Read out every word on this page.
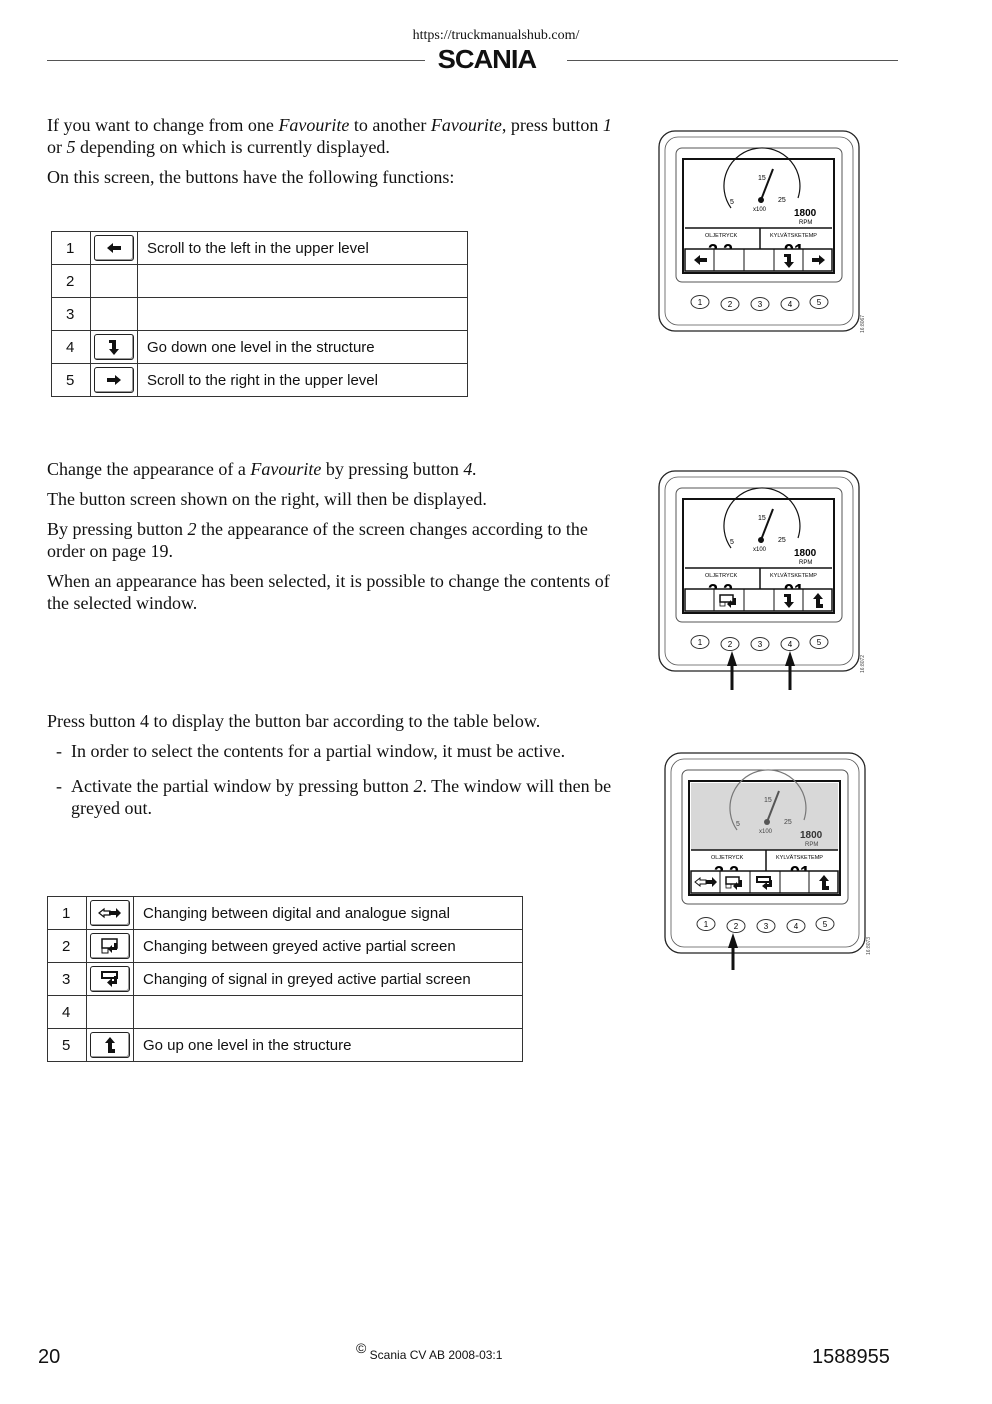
https://truckmanualshub.com/
SCANIA

If you want to change from one Favourite to another Favourite, press button 1 or 5 depending on which is currently displayed.

On this screen, the buttons have the following functions:

1		Scroll to the left in the upper level
2		
3		
4		Go down one level in the structure
5		Scroll to the right in the upper level

Change the appearance of a Favourite by pressing button 4.

The button screen shown on the right, will then be displayed.

By pressing button 2 the appearance of the screen changes according to the order on page 19.

When an appearance has been selected, it is possible to change the contents of the selected window.

Press button 4 to display the button bar according to the table below.

- In order to select the contents for a partial window, it must be active.
- Activate the partial window by pressing button 2. The window will then be greyed out.
1		Changing between digital and analogue signal
2		Changing between greyed active partial screen
3		Changing of signal in greyed active partial screen
4		
5		Go up one level in the structure
15
5	25
x100	1800
RPM
OLJETRYCK	KYLVÄTSKETEMP
1	2	3	4	5
16:8067
15
5	25
x100	1800
RPM
OLJETRYCK	KYLVÄTSKETEMP
1	2	3	4	5
16:8072
15
5	25
x100	1800
RPM
OLJETRYCK	KYLVÄTSKETEMP
1	2	3	4	5
16:8073
20	© Scania CV AB 2008-03:1	1588955
